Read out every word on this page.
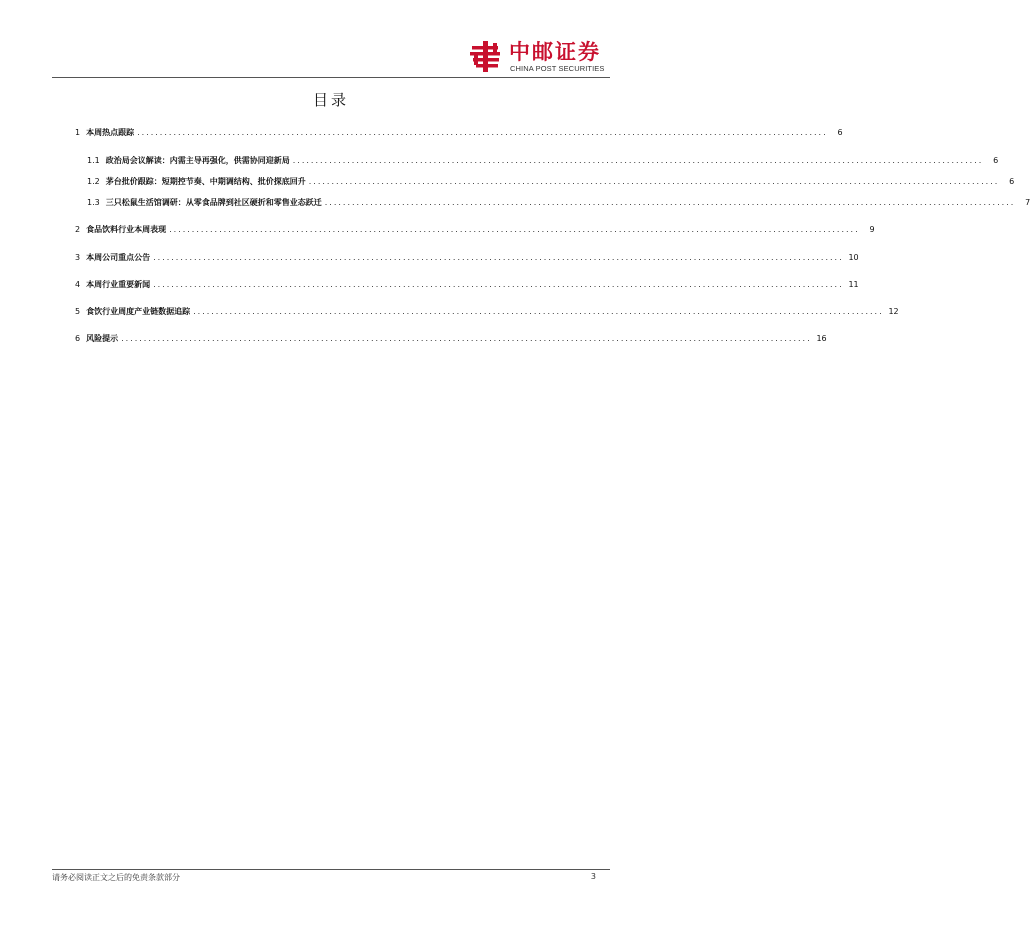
中邮证券
CHINA POST SECURITIES
目录
1 本周热点跟踪 ........................................................................................................................................................	6
1.1 政治局会议解读：内需主导再强化，供需协同迎新局 ........................................................................................................................................................	6
1.2 茅台批价跟踪：短期控节奏、中期调结构、批价探底回升 ........................................................................................................................................................	6
1.3 三只松鼠生活馆调研：从零食品牌到社区硬折和零售业态跃迁 ........................................................................................................................................................	7
2 食品饮料行业本周表现 ........................................................................................................................................................	9
3 本周公司重点公告 ........................................................................................................................................................ 10
4 本周行业重要新闻 ........................................................................................................................................................ 11
5 食饮行业周度产业链数据追踪 ........................................................................................................................................................ 12
6 风险提示 ........................................................................................................................................................ 16
请务必阅读正文之后的免责条款部分	3
